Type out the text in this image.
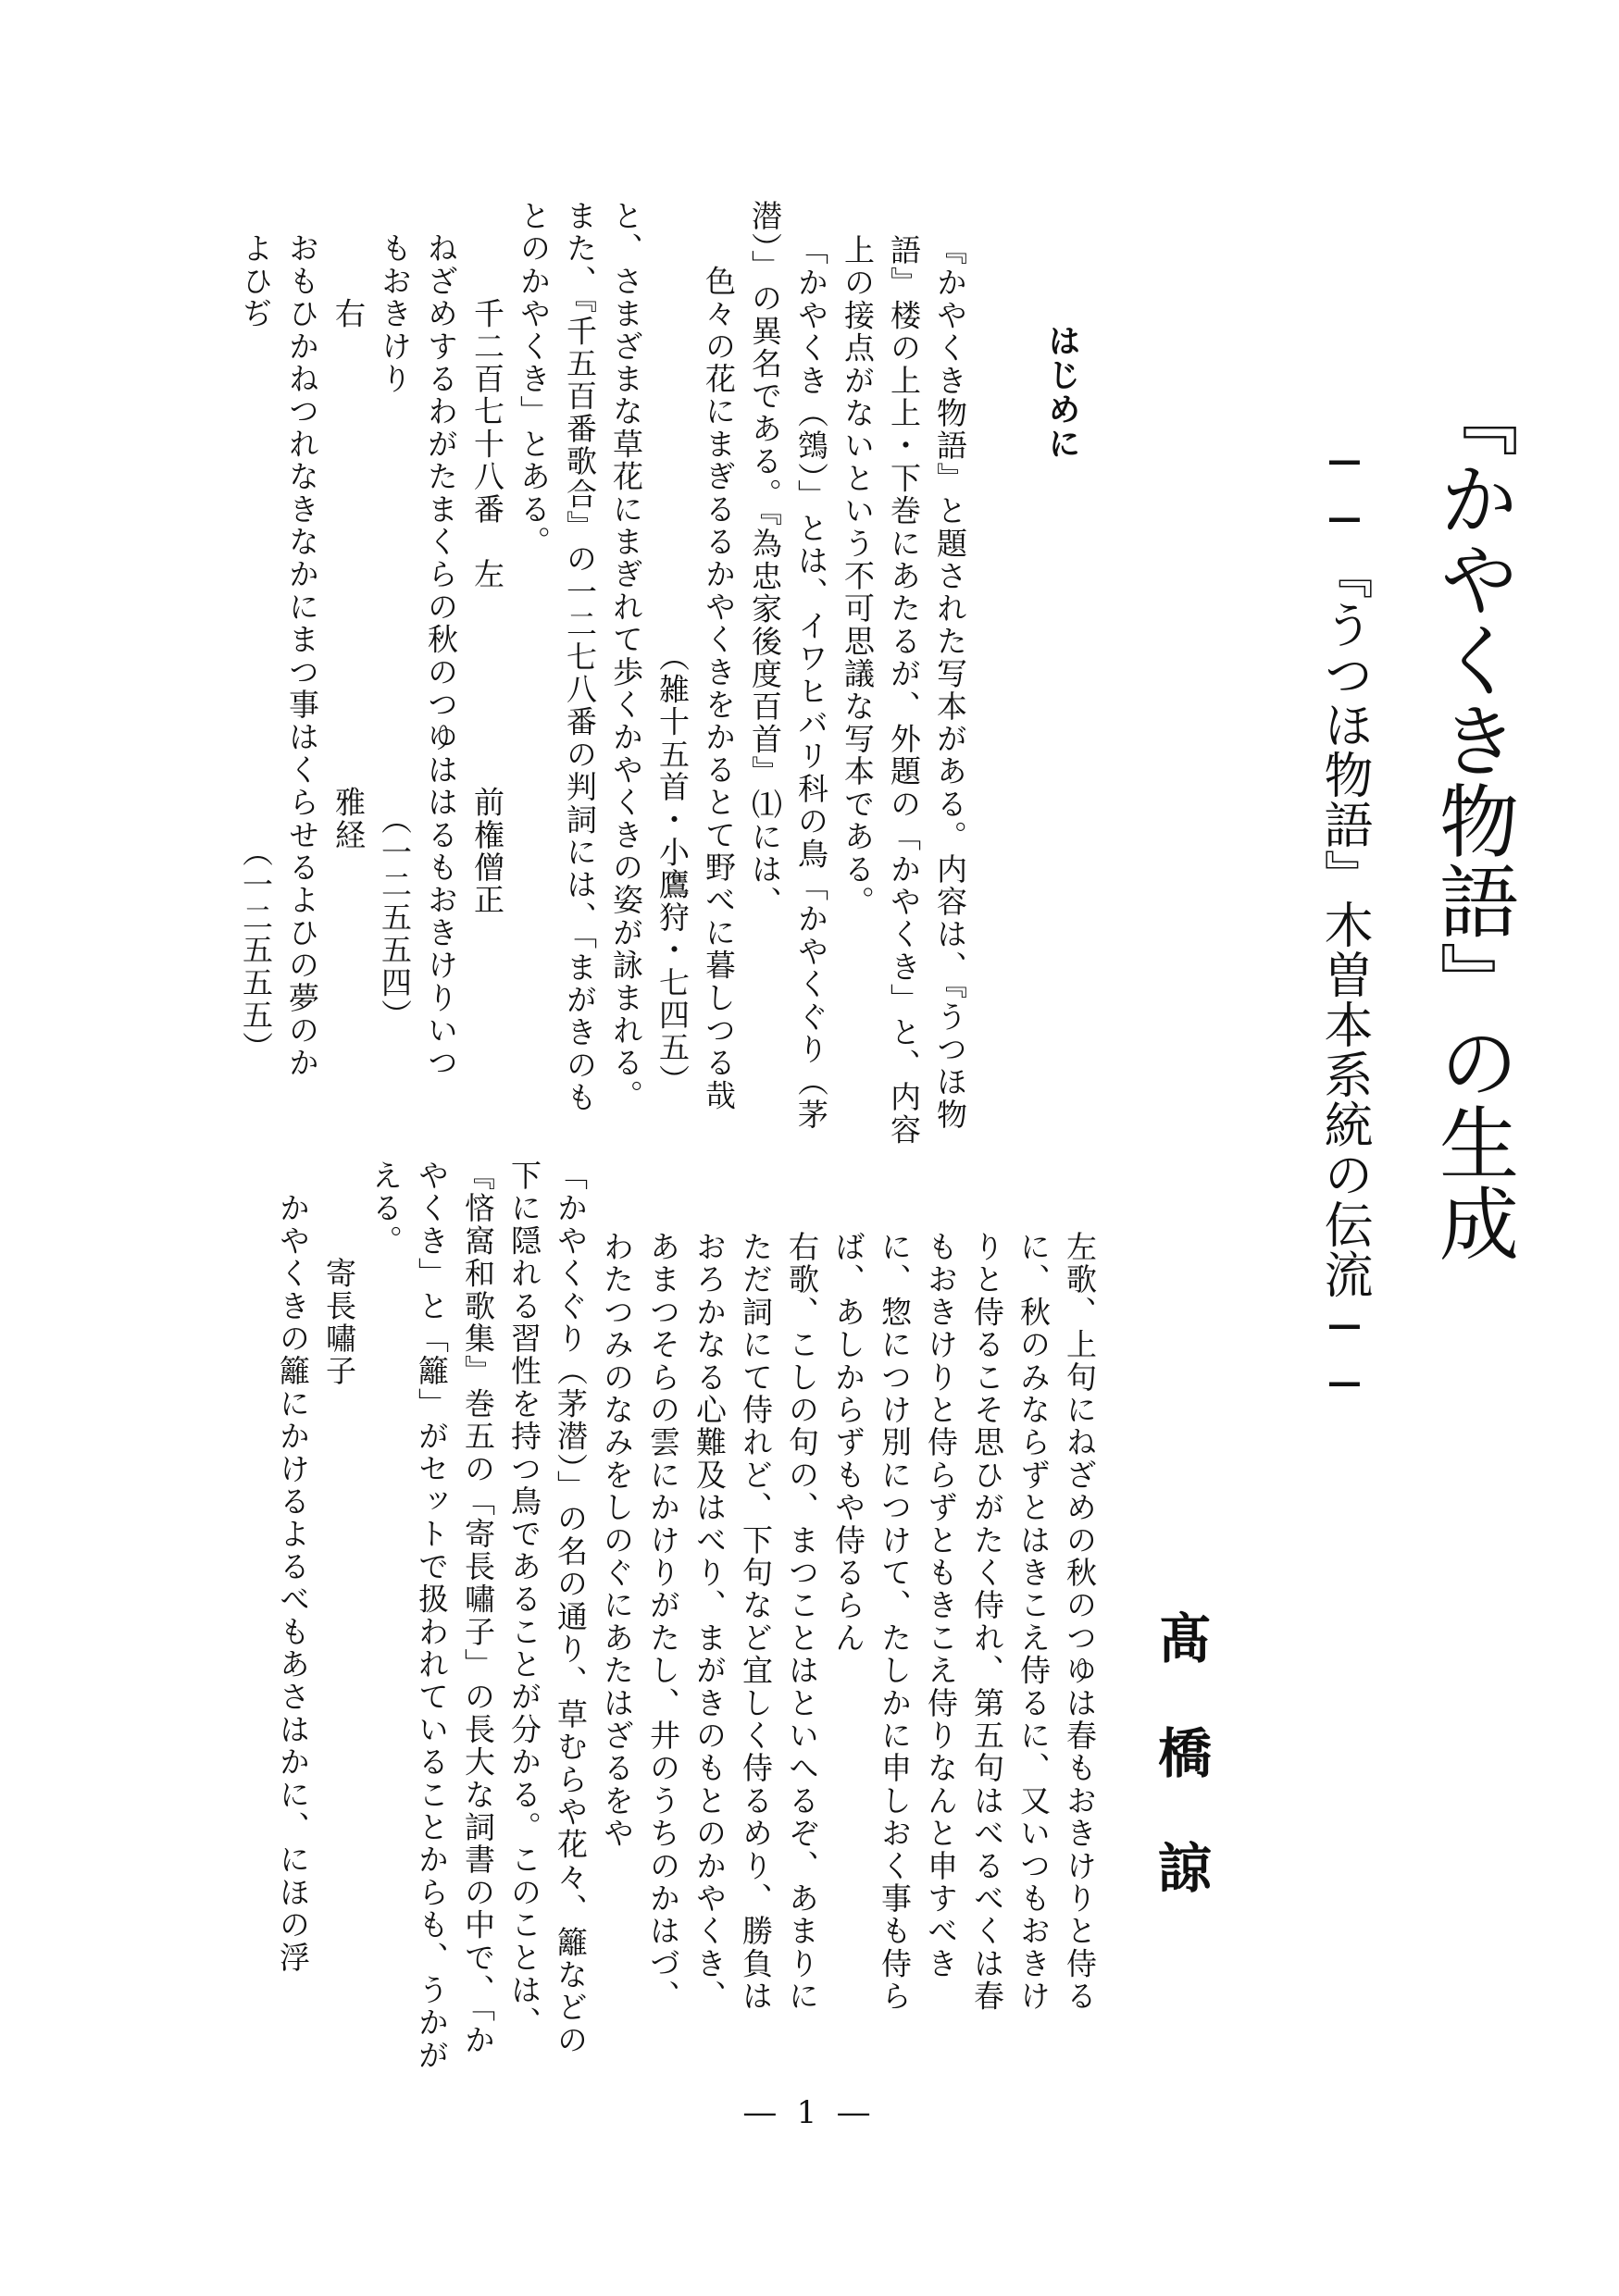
『かやくき物語』の生成
──『うつほ物語』木曽本系統の伝流──
髙橋諒
はじめに
『かやくき物語』と題された写本がある。内容は、『うつほ物
語』楼の上上・下巻にあたるが、外題の「かやくき」と、内容
上の接点がないという不可思議な写本である。
「かやくき（鵼）」とは、イワヒバリ科の鳥「かやくぐり（茅
潜）」の異名である。『為忠家後度百首』⑴には、
　　色々の花にまぎるるかやくきをかるとて野べに暮しつる哉
　　　　　　　　　　　　　　（雑十五首・小鷹狩・七四五）
と、さまざまな草花にまぎれて歩くかやくきの姿が詠まれる。
また、『千五百番歌合』の一二七八番の判詞には、「まがきのも
とのかやくき」とある。
　　　千二百七十八番　左　　　　　　前権僧正
　ねざめするわがたまくらの秋のつゆははるもおきけりいつ
　もおきけり　　　　　　　　　　　　　（一二五五四）
　　　右　　　　　　　　　　　　　　雅経
　おもひかねつれなきなかにまつ事はくらせるよひの夢のか
　よひぢ　　　　　　　　　　　　　　　　（一二五五五）
左歌、上句にねざめの秋のつゆは春もおきけりと侍る
に、秋のみならずとはきこえ侍るに、又いつもおきけ
りと侍るこそ思ひがたく侍れ、第五句はべるべくは春
もおきけりと侍らずともきこえ侍りなんと申すべき
に、惣につけ別につけて、たしかに申しおく事も侍ら
ば、あしからずもや侍るらん
右歌、こしの句の、まつことはといへるぞ、あまりに
ただ詞にて侍れど、下句など宜しく侍るめり、勝負は
おろかなる心難及はべり、まがきのもとのかやくき、
あまつそらの雲にかけりがたし、井のうちのかはづ、
わたつみのなみをしのぐにあたはざるをや
「かやくぐり（茅潜）」の名の通り、草むらや花々、籬などの
下に隠れる習性を持つ鳥であることが分かる。このことは、
『悋窩和歌集』巻五の「寄長嘯子」の長大な詞書の中で、「か
やくき」と「籬」がセットで扱われていることからも、うかが
える。
　　　寄長嘯子
　かやくきの籬にかけるよるべもあさはかに、にほの浮
― 1 ―
